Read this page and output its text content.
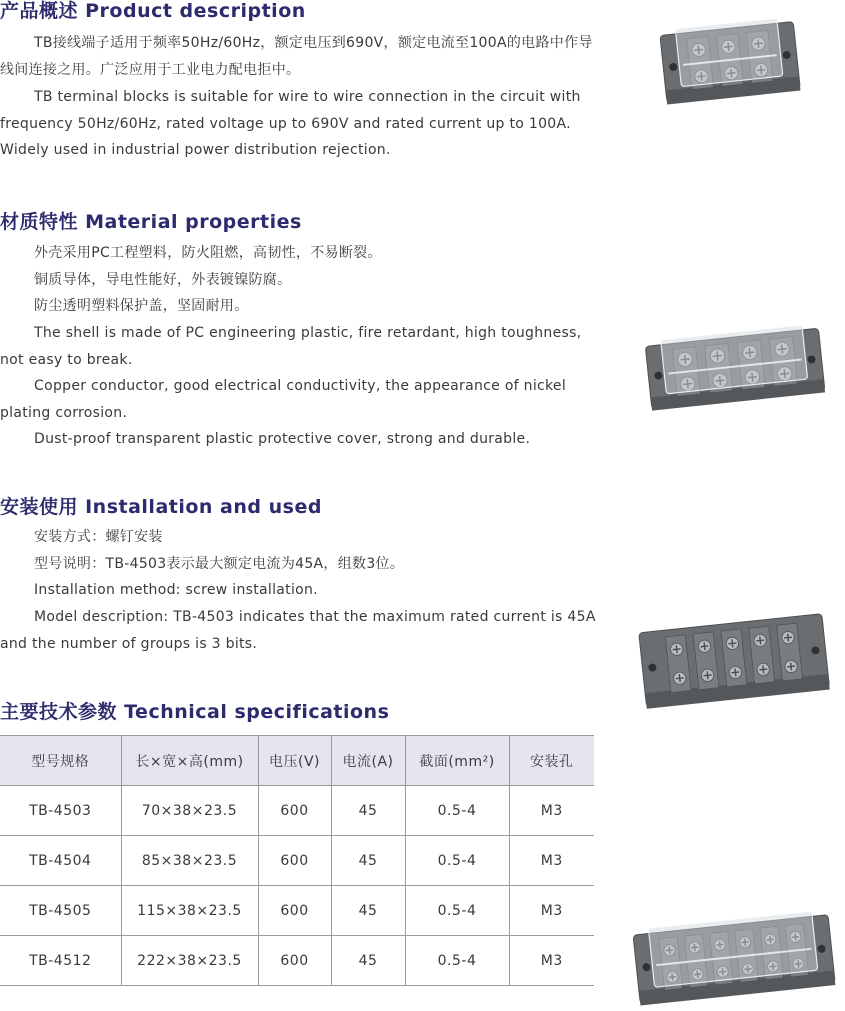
产品概述 Product description

TB接线端子适用于频率50Hz/60Hz，额定电压到690V，额定电流至100A的电路中作导线间连接之用。广泛应用于工业电力配电拒中。

TB terminal blocks is suitable for wire to wire connection in the circuit with frequency 50Hz/60Hz, rated voltage up to 690V and rated current up to 100A. Widely used in industrial power distribution rejection.

材质特性 Material properties

外壳采用PC工程塑料，防火阻燃，高韧性，不易断裂。

铜质导体，导电性能好，外表镀镍防腐。

防尘透明塑料保护盖，坚固耐用。

The shell is made of PC engineering plastic, fire retardant, high toughness, not easy to break.

Copper conductor, good electrical conductivity, the appearance of nickel plating corrosion.

Dust-proof transparent plastic protective cover, strong and durable.

安装使用 Installation and used

安装方式：螺钉安装

型号说明：TB-4503表示最大额定电流为45A，组数3位。

Installation method: screw installation.

Model description: TB-4503 indicates that the maximum rated current is 45A and the number of groups is 3 bits.

主要技术参数 Technical specifications
型号规格	长×宽×高(mm)	电压(V)	电流(A)	截面(mm²)	安装孔
TB-4503	70×38×23.5	600	45	0.5-4	M3
TB-4504	85×38×23.5	600	45	0.5-4	M3
TB-4505	115×38×23.5	600	45	0.5-4	M3
TB-4512	222×38×23.5	600	45	0.5-4	M3
